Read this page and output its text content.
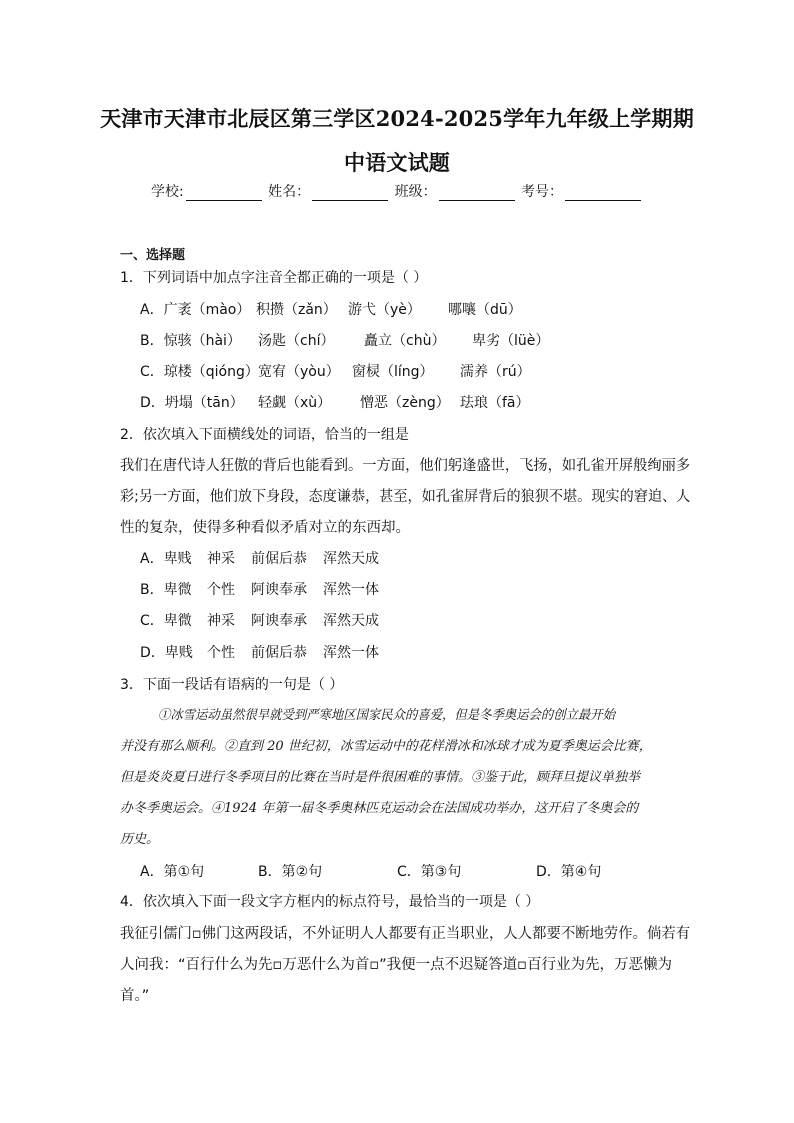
天津市天津市北辰区第三学区2024-2025学年九年级上学期期
中语文试题
学校:	姓名：	班级：	考号：
一、选择题
1．下列词语中加点字注音全都正确的一项是（ ）
A．广袤（mào） 积攒（zǎn） 游弋（yè） 哪嚷（dū）
B．惊骇（hài） 汤匙（chí） 矗立（chù） 卑劣（lüè）
C．琼楼（qióng） 宽宥（yòu） 窗棂（líng） 濡养（rú）
D．坍塌（tān） 轻觑（xù） 憎恶（zèng） 珐琅（fā）
2．依次填入下面横线处的词语，恰当的一组是
我们在唐代诗人狂傲的背后也能看到。一方面，他们躬逢盛世，飞扬，如孔雀开屏般绚丽多
彩;另一方面，他们放下身段，态度谦恭，甚至，如孔雀屏背后的狼狈不堪。现实的窘迫、人
性的复杂，使得多种看似矛盾对立的东西却。
A．卑贱 神采 前倨后恭 浑然天成
B．卑微 个性 阿谀奉承 浑然一体
C．卑微 神采 阿谀奉承 浑然天成
D．卑贱 个性 前倨后恭 浑然一体
3．下面一段话有语病的一句是（ ）
①冰雪运动虽然很早就受到严寒地区国家民众的喜爱，但是冬季奥运会的创立最开始
并没有那么顺利。②直到 20 世纪初，冰雪运动中的花样滑冰和冰球才成为夏季奥运会比赛，
但是炎炎夏日进行冬季项目的比赛在当时是件很困难的事情。③鉴于此，顾拜旦提议单独举
办冬季奥运会。④1924 年第一届冬季奥林匹克运动会在法国成功举办，这开启了冬奥会的
历史。
A．第①句	B．第②句	C．第③句	D．第④句
4．依次填入下面一段文字方框内的标点符号，最恰当的一项是（ ）
我征引儒门▫佛门这两段话，不外证明人人都要有正当职业，人人都要不断地劳作。倘若有
人问我：“百行什么为先▫万恶什么为首▫”我便一点不迟疑答道▫百行业为先，万恶懒为
首。”
